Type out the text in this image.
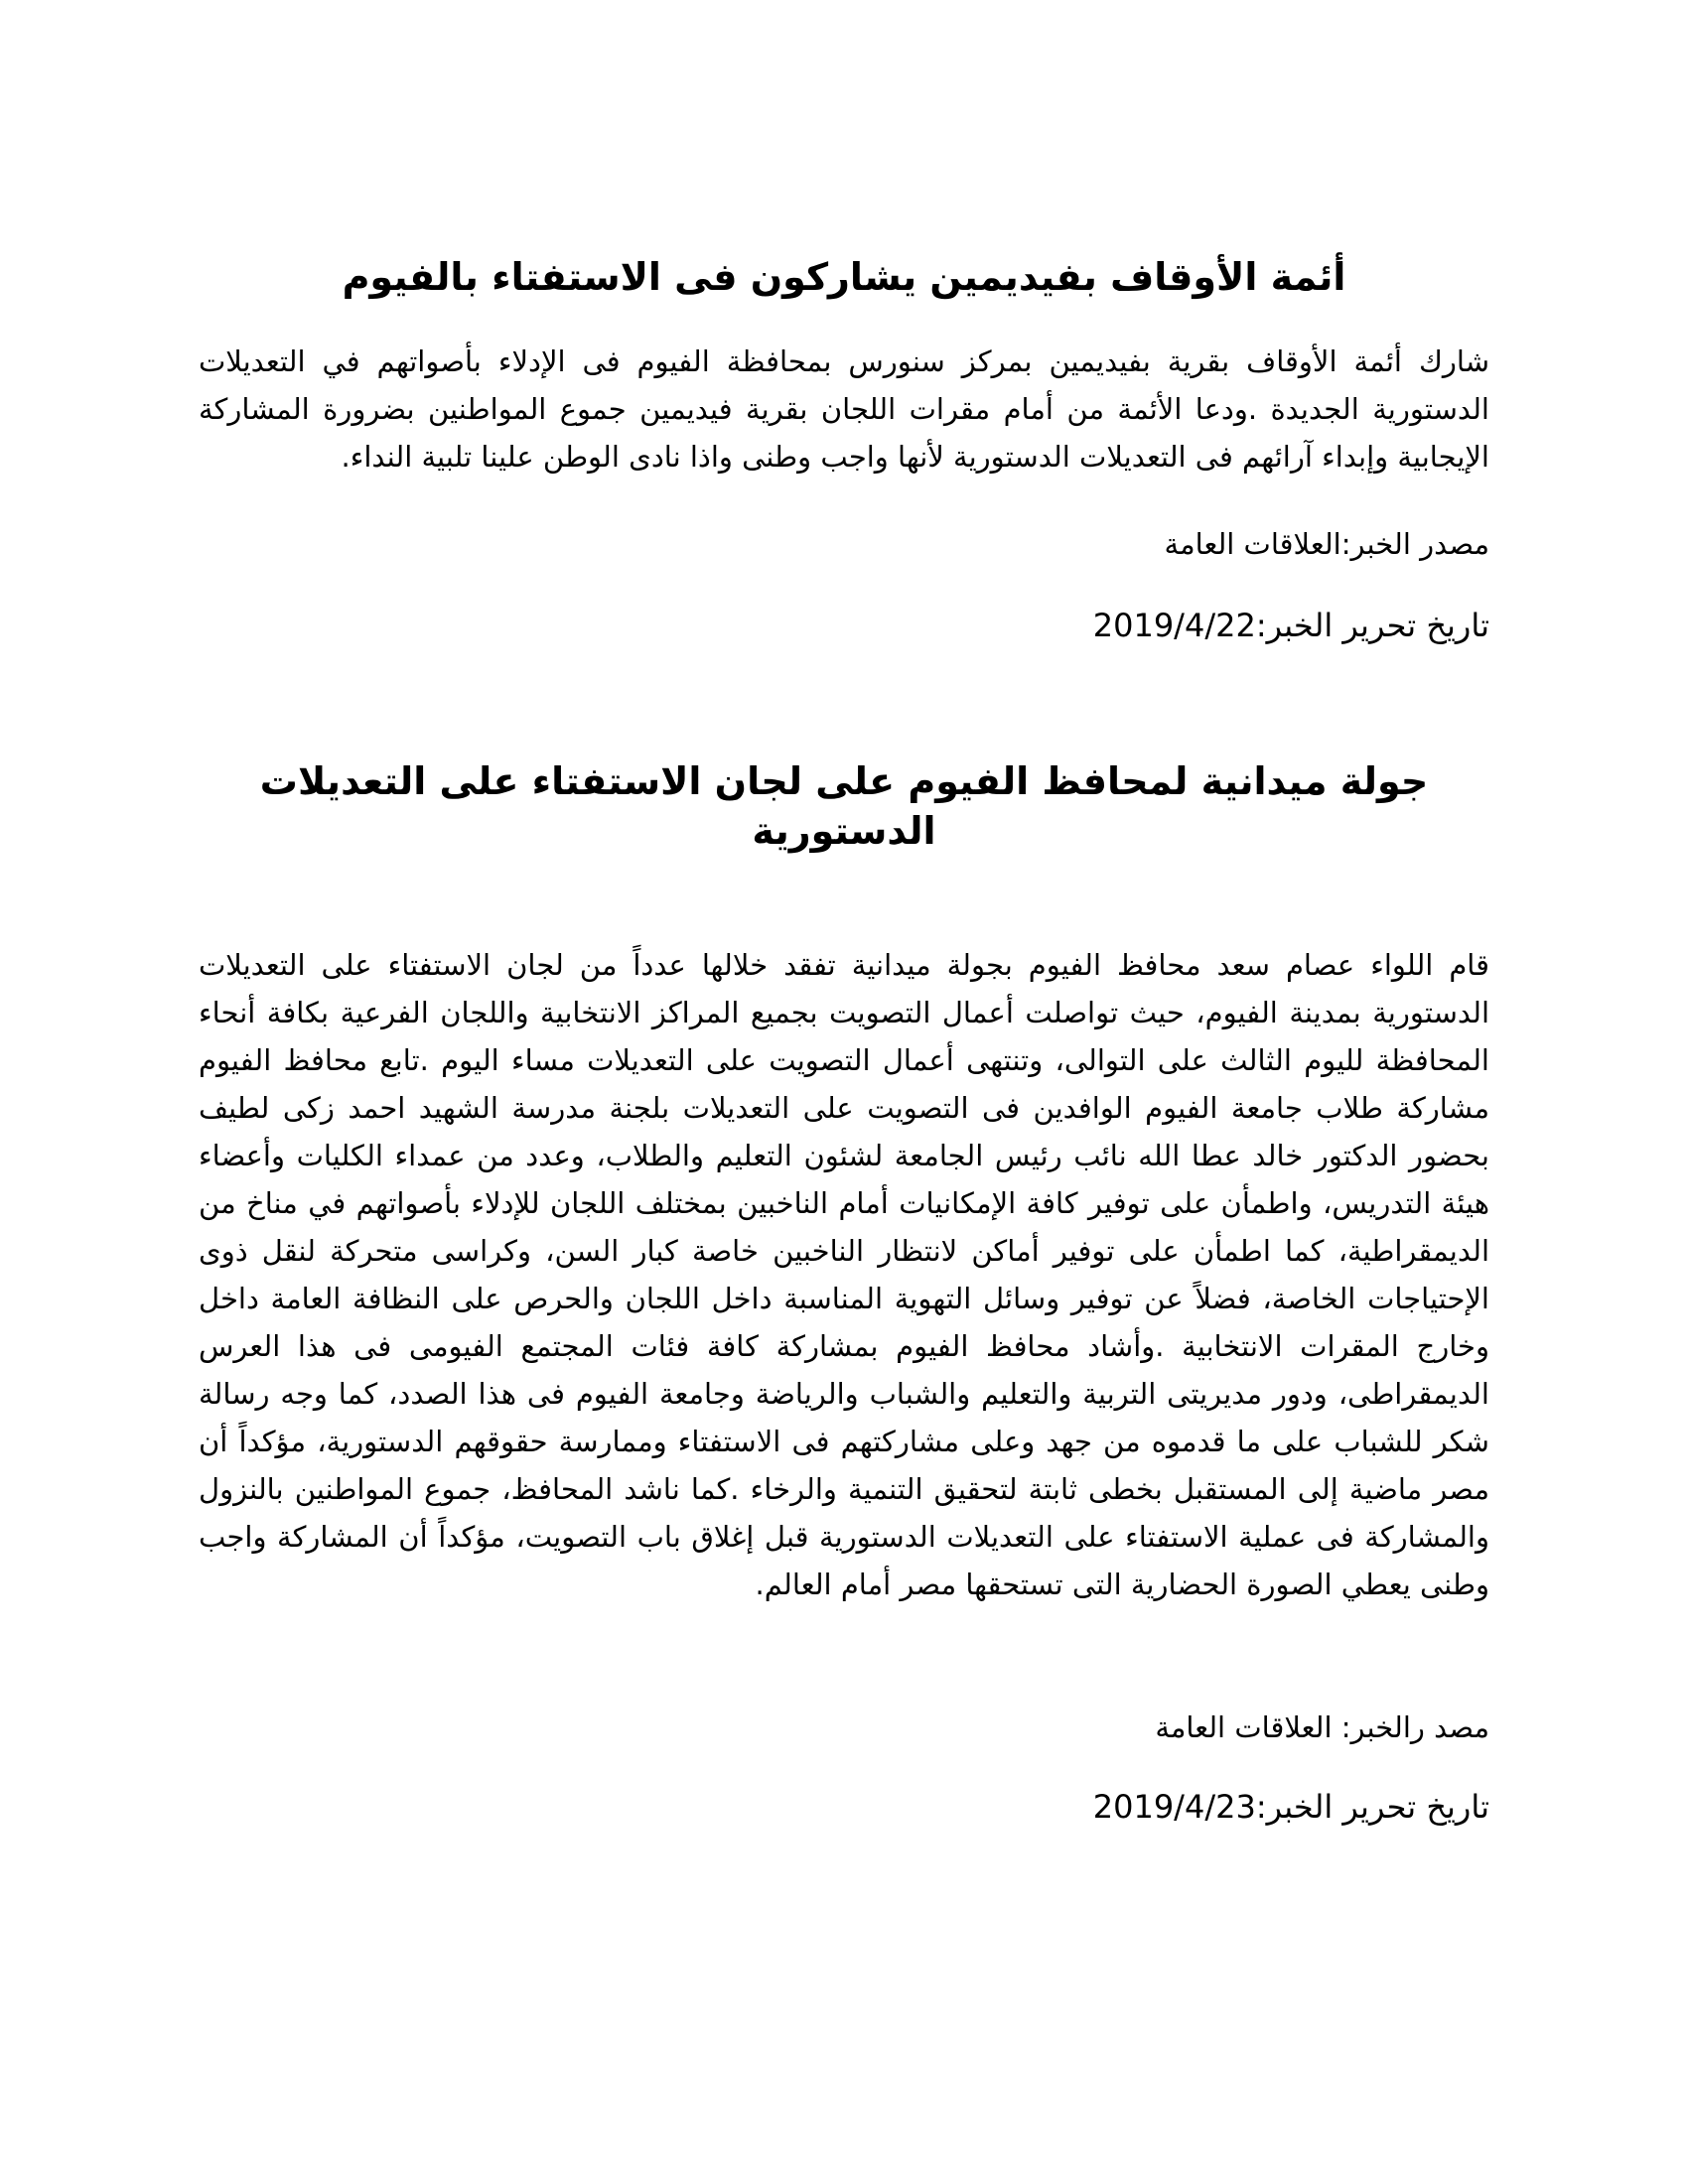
أئمة الأوقاف بفيديمين يشاركون فى الاستفتاء بالفيوم

شارك أئمة الأوقاف بقرية بفيديمين بمركز سنورس بمحافظة الفيوم فى الإدلاء بأصواتهم في التعديلات الدستورية الجديدة .ودعا الأئمة من أمام مقرات اللجان بقرية فيديمين جموع المواطنين بضرورة المشاركة الإيجابية وإبداء آرائهم فى التعديلات الدستورية لأنها واجب وطنى واذا نادى الوطن علينا تلبية النداء.

مصدر الخبر:العلاقات العامة

تاريخ تحرير الخبر:2019/4/22

جولة ميدانية لمحافظ الفيوم على لجان الاستفتاء على التعديلات الدستورية

قام اللواء عصام سعد محافظ الفيوم بجولة ميدانية تفقد خلالها عدداً من لجان الاستفتاء على التعديلات الدستورية بمدينة الفيوم، حيث تواصلت أعمال التصويت بجميع المراكز الانتخابية واللجان الفرعية بكافة أنحاء المحافظة لليوم الثالث على التوالى، وتنتهى أعمال التصويت على التعديلات مساء اليوم .تابع محافظ الفيوم مشاركة طلاب جامعة الفيوم الوافدين فى التصويت على التعديلات بلجنة مدرسة الشهيد احمد زكى لطيف بحضور الدكتور خالد عطا الله نائب رئيس الجامعة لشئون التعليم والطلاب، وعدد من عمداء الكليات وأعضاء هيئة التدريس، واطمأن على توفير كافة الإمكانيات أمام الناخبين بمختلف اللجان للإدلاء بأصواتهم في مناخ من الديمقراطية، كما اطمأن على توفير أماكن لانتظار الناخبين خاصة كبار السن، وكراسى متحركة لنقل ذوى الإحتياجات الخاصة، فضلاً عن توفير وسائل التهوية المناسبة داخل اللجان والحرص على النظافة العامة داخل وخارج المقرات الانتخابية .وأشاد محافظ الفيوم بمشاركة كافة فئات المجتمع الفيومى فى هذا العرس الديمقراطى، ودور مديريتى التربية والتعليم والشباب والرياضة وجامعة الفيوم فى هذا الصدد، كما وجه رسالة شكر للشباب على ما قدموه من جهد وعلى مشاركتهم فى الاستفتاء وممارسة حقوقهم الدستورية، مؤكداً أن مصر ماضية إلى المستقبل بخطى ثابتة لتحقيق التنمية والرخاء .كما ناشد المحافظ، جموع المواطنين بالنزول والمشاركة فى عملية الاستفتاء على التعديلات الدستورية قبل إغلاق باب التصويت، مؤكداً أن المشاركة واجب وطنى يعطي الصورة الحضارية التى تستحقها مصر أمام العالم.

مصد رالخبر: العلاقات العامة

تاريخ تحرير الخبر:2019/4/23
